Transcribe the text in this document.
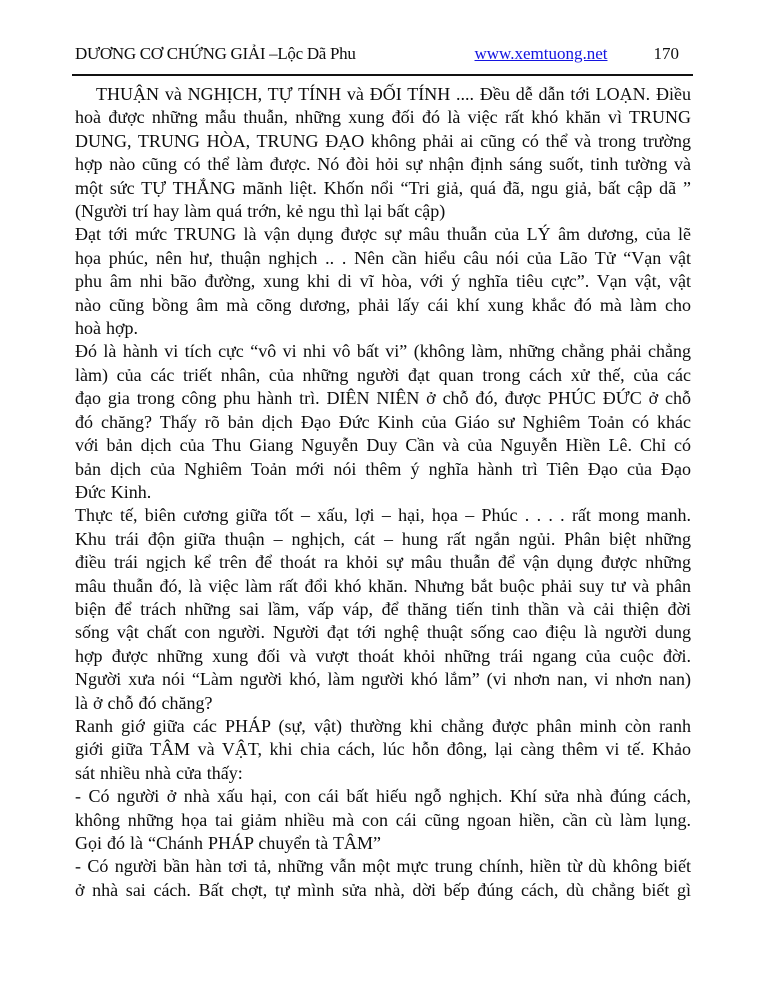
DƯƠNG CƠ CHỨNG GIẢI –Lộc Dã Phu	www.xemtuong.net	170
THUẬN và NGHỊCH, TỰ TÍNH và ĐỐI TÍNH .... Đều dễ dẫn tới LOẠN. Điều
hoà được những mẫu thuẫn, những xung đối đó là việc rất khó khăn vì TRUNG
DUNG, TRUNG HÒA, TRUNG ĐẠO không phải ai cũng có thể và trong trường
hợp nào cũng có thể làm được. Nó đòi hỏi sự nhận định sáng suốt, tinh tường và
một sức TỰ THẮNG mãnh liệt. Khốn nổi “Tri giả, quá đã, ngu giả, bất cập dã ”
(Người trí hay làm quá trớn, kẻ ngu thì lại bất cập)
Đạt tới mức TRUNG là vận dụng được sự mâu thuẫn của LÝ âm dương, của lẽ
họa phúc, nên hư, thuận nghịch .. . Nên cần hiểu câu nói của Lão Tử “Vạn vật
phu âm nhi bão đường, xung khi di vĩ hòa, với ý nghĩa tiêu cực”. Vạn vật, vật
nào cũng bồng âm mà cõng dương, phải lấy cái khí xung khắc đó mà làm cho
hoà hợp.
Đó là hành vi tích cực “vô vi nhi vô bất vi” (không làm, những chẳng phải chẳng
làm) của các triết nhân, của những người đạt quan trong cách xử thế, của các
đạo gia trong công phu hành trì. DIÊN NIÊN ở chỗ đó, được PHÚC ĐỨC ở chỗ
đó chăng? Thấy rõ bản dịch Đạo Đức Kinh của Giáo sư Nghiêm Toản có khác
với bản dịch của Thu Giang Nguyễn Duy Cần và của Nguyễn Hiền Lê. Chỉ có
bản dịch của Nghiêm Toản mới nói thêm ý nghĩa hành trì Tiên Đạo của Đạo
Đức Kinh.
Thực tế, biên cương giữa tốt – xấu, lợi – hại, họa – Phúc . . . . rất mong manh.
Khu trái độn giữa thuận – nghịch, cát – hung rất ngắn ngủi. Phân biệt những
điều trái ngịch kể trên để thoát ra khỏi sự mâu thuẫn để vận dụng được những
mâu thuẫn đó, là việc làm rất đổi khó khăn. Nhưng bắt buộc phải suy tư và phân
biện để trách những sai lầm, vấp váp, để thăng tiến tinh thần và cải thiện đời
sống vật chất con người. Người đạt tới nghệ thuật sống cao điệu là người dung
hợp được những xung đối và vượt thoát khỏi những trái ngang của cuộc đời.
Người xưa nói “Làm người khó, làm người khó lắm” (vi nhơn nan, vi nhơn nan)
là ở chỗ đó chăng?
Ranh giớ giữa các PHÁP (sự, vật) thường khi chẳng được phân minh còn ranh
giới giữa TÂM và VẬT, khi chia cách, lúc hỗn đông, lại càng thêm vi tế. Khảo
sát nhiều nhà cửa thấy:
- Có người ở nhà xấu hại, con cái bất hiếu ngỗ nghịch. Khí sửa nhà đúng cách,
không những họa tai giảm nhiều mà con cái cũng ngoan hiền, cần cù làm lụng.
Gọi đó là “Chánh PHÁP chuyển tà TÂM”
- Có người bần hàn tơi tả, những vẫn một mực trung chính, hiền từ dù không biết
ở nhà sai cách. Bất chợt, tự mình sửa nhà, dời bếp đúng cách, dù chẳng biết gì
